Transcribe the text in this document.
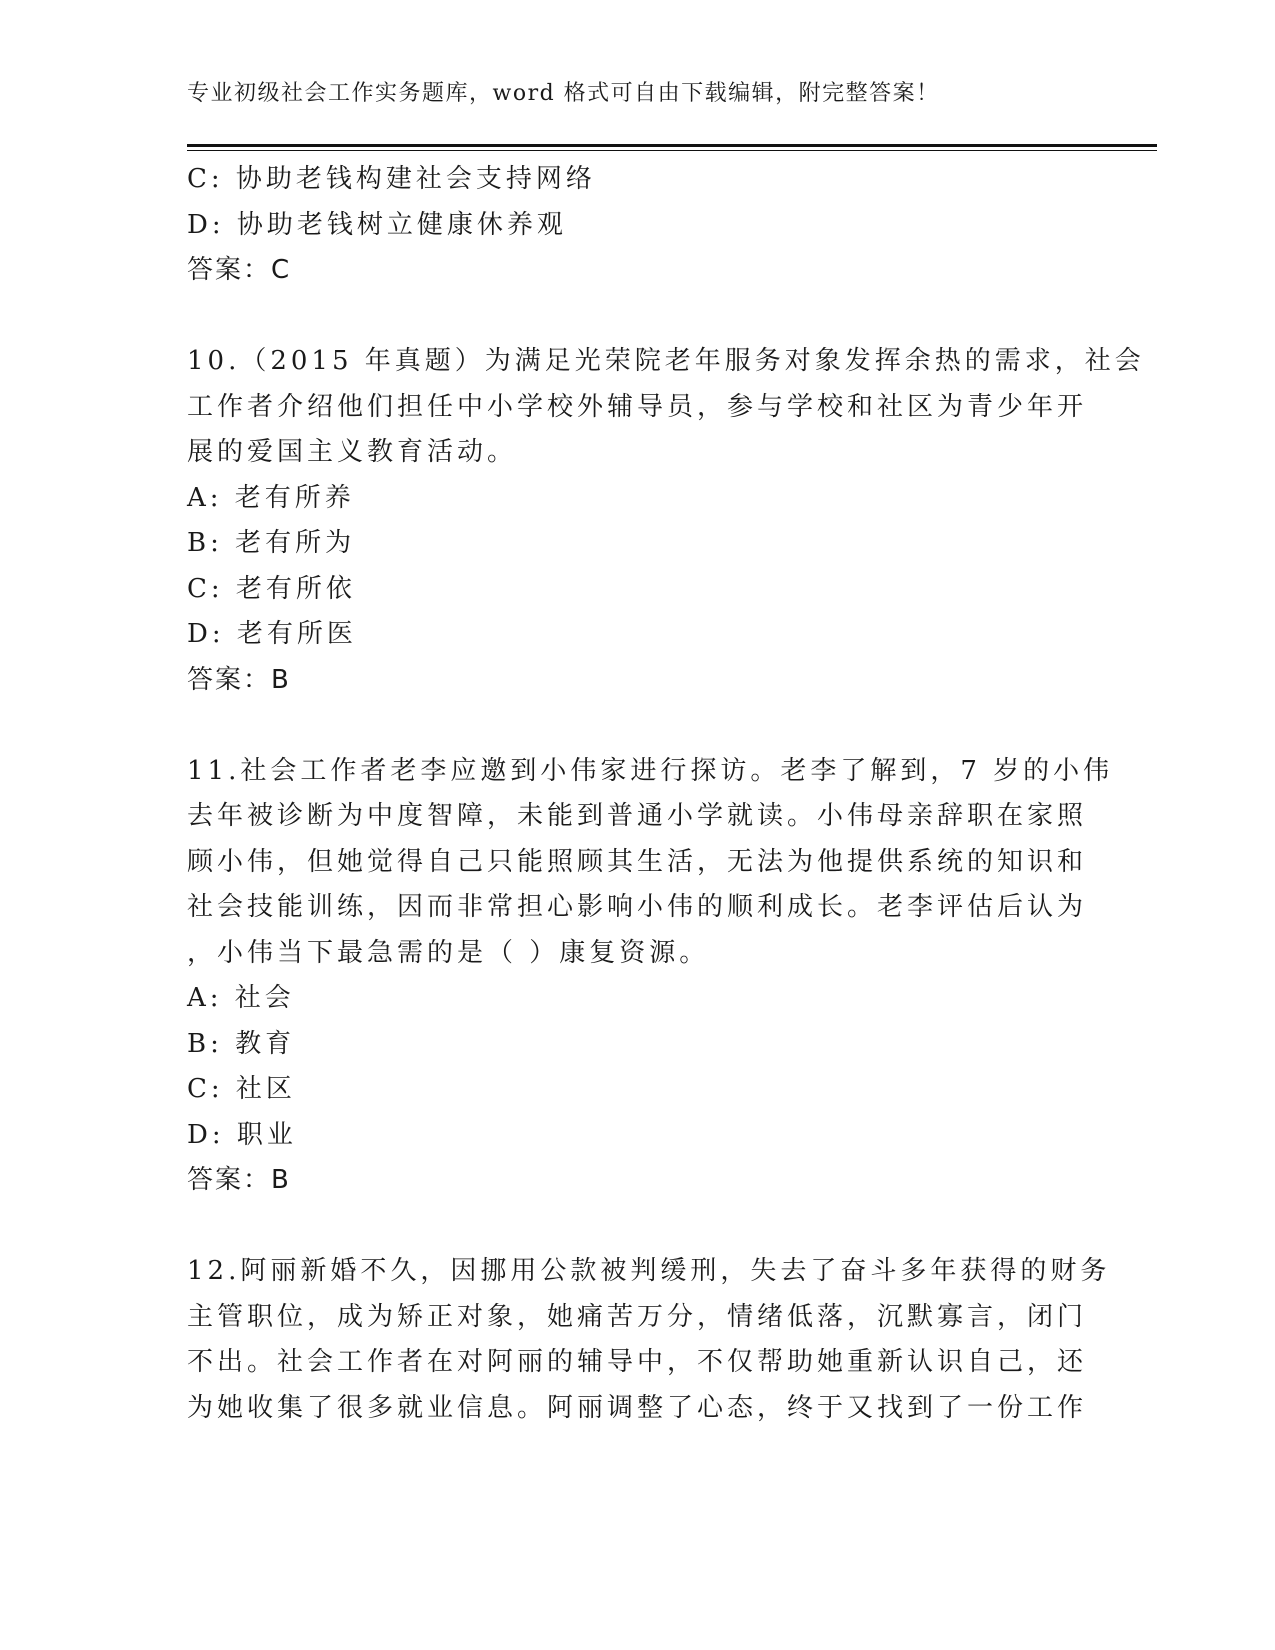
专业初级社会工作实务题库，word 格式可自由下载编辑，附完整答案！
C: 协助老钱构建社会支持网络
D: 协助老钱树立健康休养观
答案：C
10.（2015 年真题）为满足光荣院老年服务对象发挥余热的需求，社会
工作者介绍他们担任中小学校外辅导员，参与学校和社区为青少年开
展的爱国主义教育活动。
A: 老有所养
B: 老有所为
C: 老有所依
D: 老有所医
答案：B
11.社会工作者老李应邀到小伟家进行探访。老李了解到，7 岁的小伟
去年被诊断为中度智障，未能到普通小学就读。小伟母亲辞职在家照
顾小伟，但她觉得自己只能照顾其生活，无法为他提供系统的知识和
社会技能训练，因而非常担心影响小伟的顺利成长。老李评估后认为
，小伟当下最急需的是（ ）康复资源。
A: 社会
B: 教育
C: 社区
D: 职业
答案：B
12.阿丽新婚不久，因挪用公款被判缓刑，失去了奋斗多年获得的财务
主管职位，成为矫正对象，她痛苦万分，情绪低落，沉默寡言，闭门
不出。社会工作者在对阿丽的辅导中，不仅帮助她重新认识自己，还
为她收集了很多就业信息。阿丽调整了心态，终于又找到了一份工作
